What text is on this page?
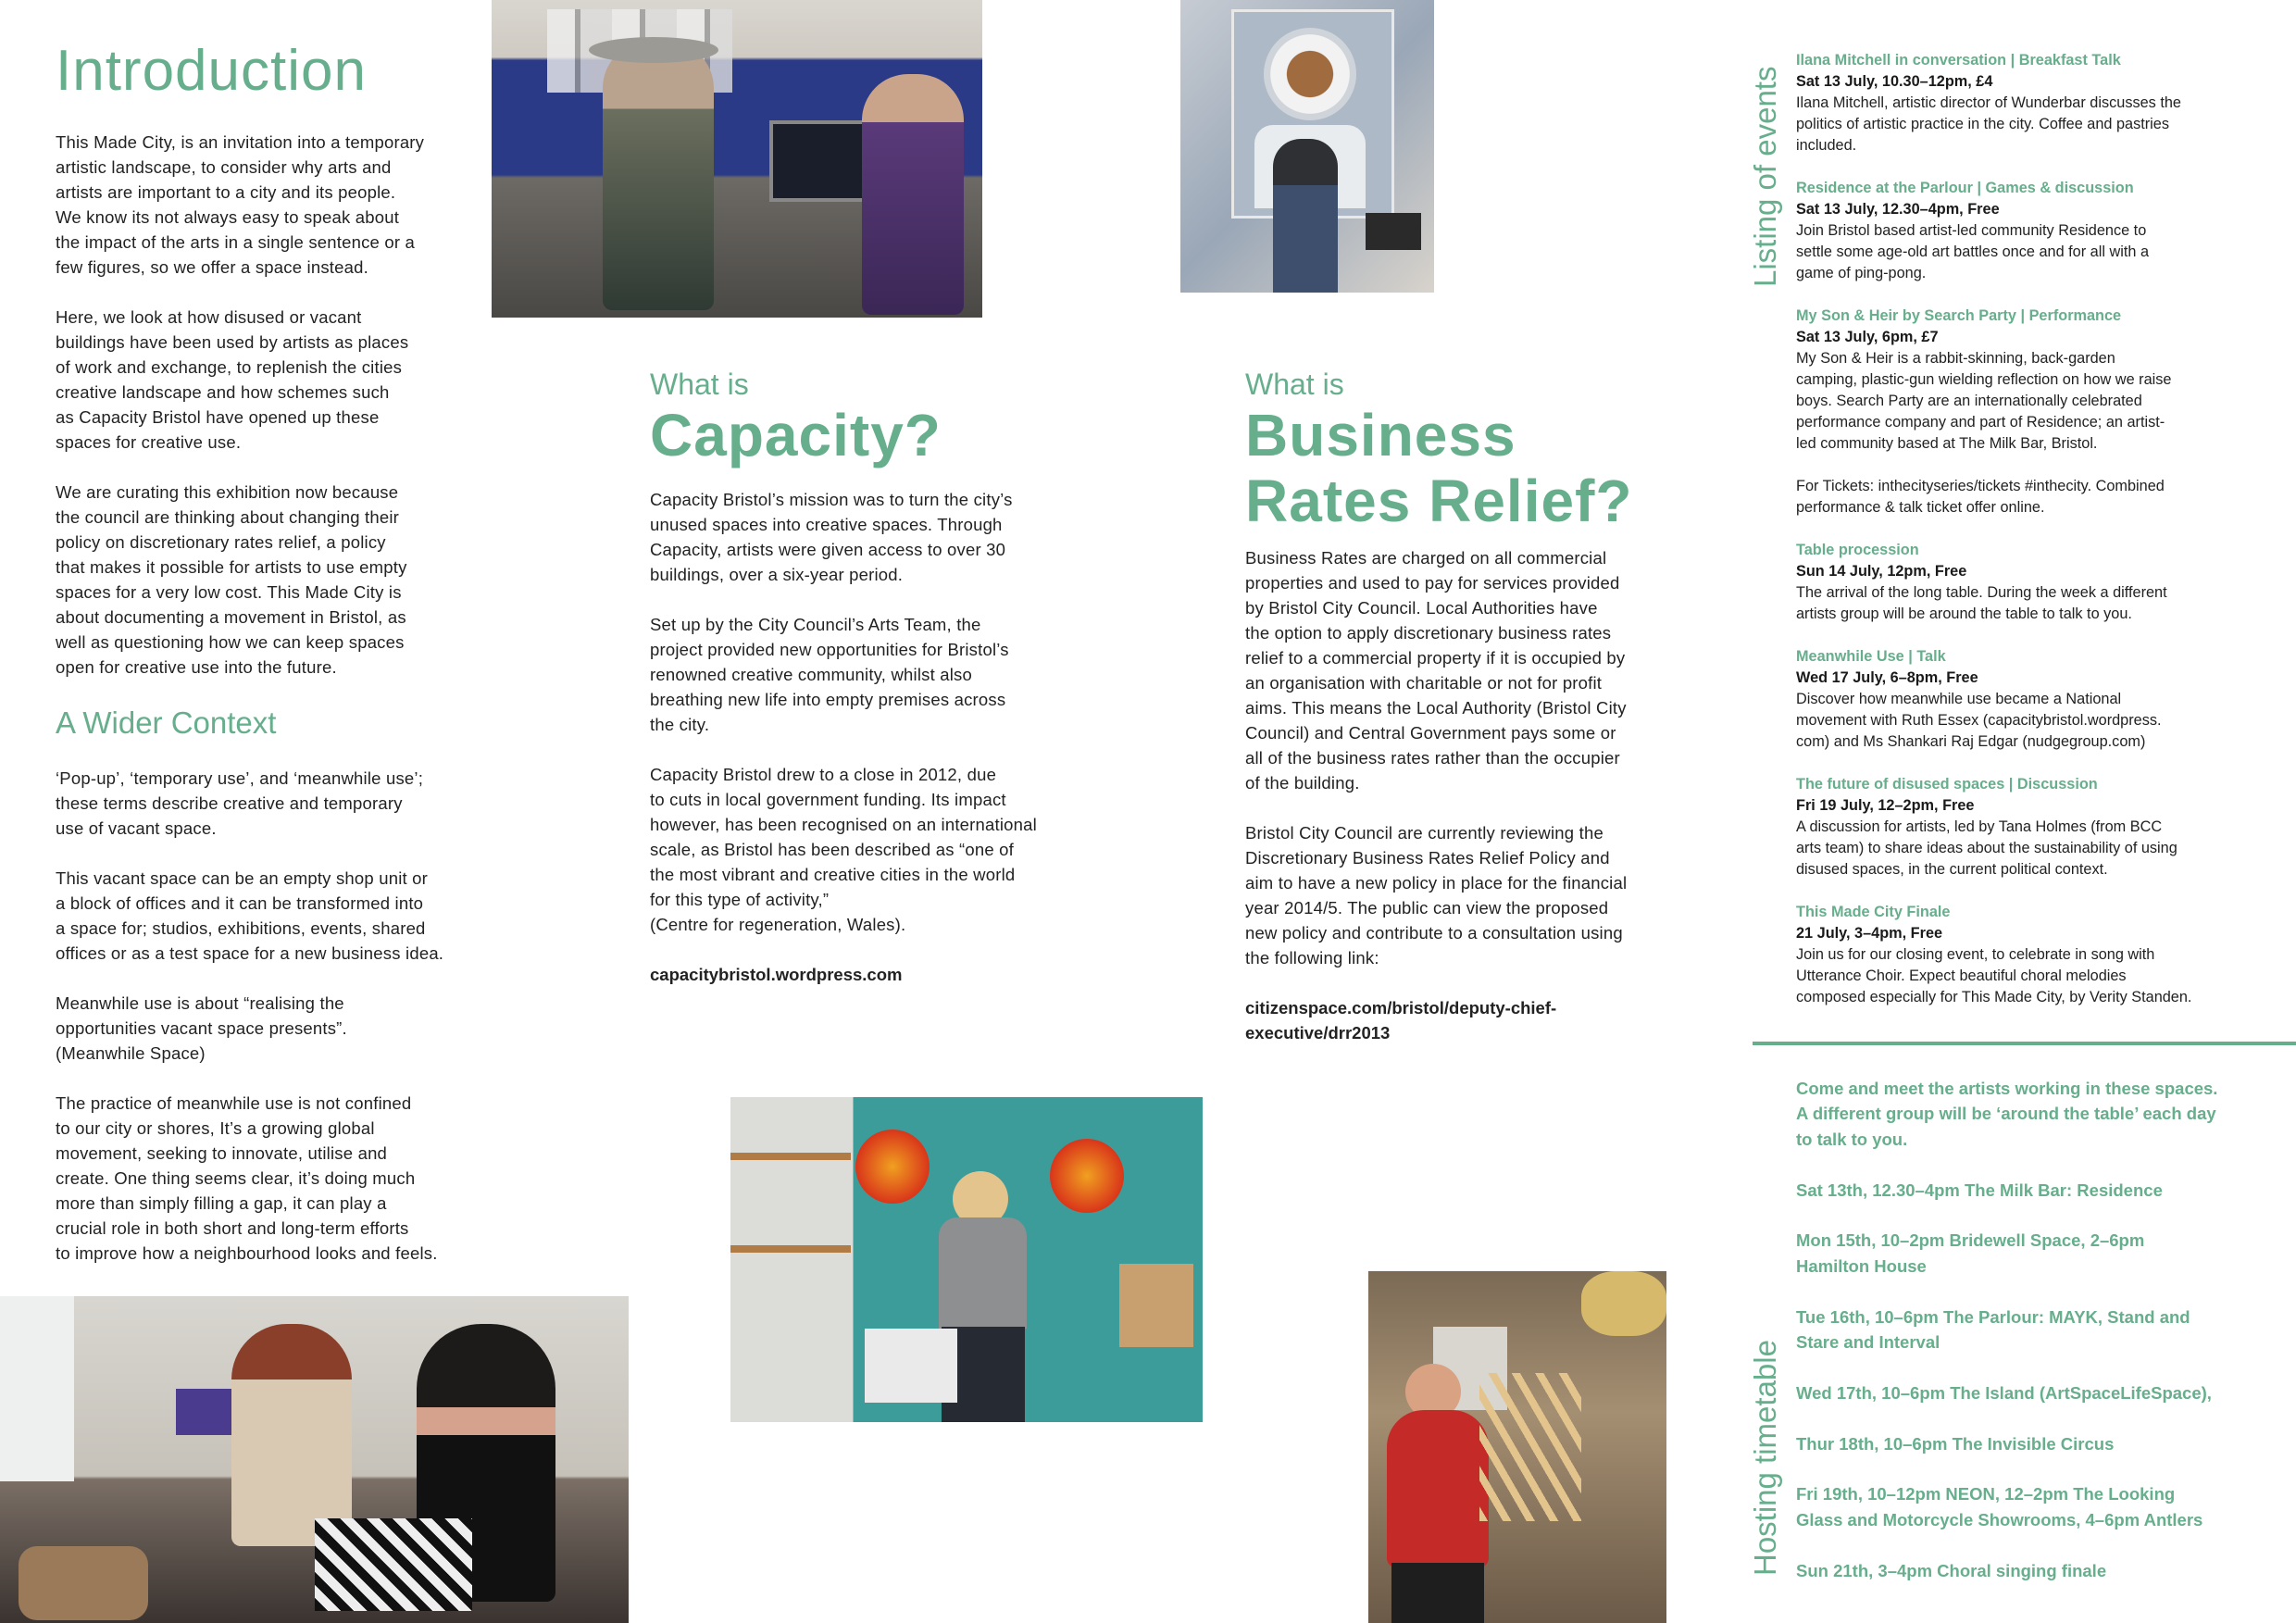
Introduction

This Made City, is an invitation into a temporary
artistic landscape, to consider why arts and
artists are important to a city and its people.
We know its not always easy to speak about
the impact of the arts in a single sentence or a
few figures, so we offer a space instead.

Here, we look at how disused or vacant
buildings have been used by artists as places
of work and exchange, to replenish the cities
creative landscape and how schemes such
as Capacity Bristol have opened up these
spaces for creative use.

We are curating this exhibition now because
the council are thinking about changing their
policy on discretionary rates relief, a policy
that makes it possible for artists to use empty
spaces for a very low cost. This Made City is
about documenting a movement in Bristol, as
well as questioning how we can keep spaces
open for creative use into the future.

A Wider Context

‘Pop-up’, ‘temporary use’, and ‘meanwhile use’;
these terms describe creative and temporary
use of vacant space.

This vacant space can be an empty shop unit or
a block of offices and it can be transformed into
a space for; studios, exhibitions, events, shared
offices or as a test space for a new business idea.

Meanwhile use is about “realising the
opportunities vacant space presents”.
(Meanwhile Space)

The practice of meanwhile use is not confined
to our city or shores, It’s a growing global
movement, seeking to innovate, utilise and
create. One thing seems clear, it’s doing much
more than simply filling a gap, it can play a
crucial role in both short and long-term efforts
to improve how a neighbourhood looks and feels.

What is

Capacity?

Capacity Bristol’s mission was to turn the city’s
unused spaces into creative spaces. Through
Capacity, artists were given access to over 30
buildings, over a six-year period.

Set up by the City Council’s Arts Team, the
project provided new opportunities for Bristol’s
renowned creative community, whilst also
breathing new life into empty premises across
the city.

Capacity Bristol drew to a close in 2012, due
to cuts in local government funding. Its impact
however, has been recognised on an international
scale, as Bristol has been described as “one of
the most vibrant and creative cities in the world
for this type of activity,”
(Centre for regeneration, Wales).

capacitybristol.wordpress.com

What is

Business
Rates Relief?

Business Rates are charged on all commercial
properties and used to pay for services provided
by Bristol City Council. Local Authorities have
the option to apply discretionary business rates
relief to a commercial property if it is occupied by
an organisation with charitable or not for profit
aims. This means the Local Authority (Bristol City
Council) and Central Government pays some or
all of the business rates rather than the occupier
of the building.

Bristol City Council are currently reviewing the
Discretionary Business Rates Relief Policy and
aim to have a new policy in place for the financial
year 2014/5. The public can view the proposed
new policy and contribute to a consultation using
the following link:

citizenspace.com/bristol/deputy-chief-
executive/drr2013

Listing of events
Ilana Mitchell in conversation | Breakfast Talk
Sat 13 July, 10.30–12pm, £4
Ilana Mitchell, artistic director of Wunderbar discusses the
politics of artistic practice in the city. Coffee and pastries
included.
Residence at the Parlour | Games & discussion
Sat 13 July, 12.30–4pm, Free
Join Bristol based artist-led community Residence to
settle some age-old art battles once and for all with a
game of ping-pong.
My Son & Heir by Search Party | Performance
Sat 13 July, 6pm, £7
My Son & Heir is a rabbit-skinning, back-garden
camping, plastic-gun wielding reflection on how we raise
boys. Search Party are an internationally celebrated
performance company and part of Residence; an artist-
led community based at The Milk Bar, Bristol.
For Tickets: inthecityseries/tickets #inthecity. Combined
performance & talk ticket offer online.
Table procession
Sun 14 July, 12pm, Free
The arrival of the long table. During the week a different
artists group will be around the table to talk to you.
Meanwhile Use | Talk
Wed 17 July, 6–8pm, Free
Discover how meanwhile use became a National
movement with Ruth Essex (capacitybristol.wordpress.
com) and Ms Shankari Raj Edgar (nudgegroup.com)
The future of disused spaces | Discussion
Fri 19 July, 12–2pm, Free
A discussion for artists, led by Tana Holmes (from BCC
arts team) to share ideas about the sustainability of using
disused spaces, in the current political context.
This Made City Finale
21 July, 3–4pm, Free
Join us for our closing event, to celebrate in song with
Utterance Choir. Expect beautiful choral melodies
composed especially for This Made City, by Verity Standen.
Hosting timetable

Come and meet the artists working in these spaces.
A different group will be ‘around the table’ each day
to talk to you.

Sat 13th, 12.30–4pm The Milk Bar: Residence

Mon 15th, 10–2pm Bridewell Space, 2–6pm
Hamilton House

Tue 16th, 10–6pm The Parlour: MAYK, Stand and
Stare and Interval

Wed 17th, 10–6pm The Island (ArtSpaceLifeSpace),

Thur 18th, 10–6pm The Invisible Circus

Fri 19th, 10–12pm NEON, 12–2pm The Looking
Glass and Motorcycle Showrooms, 4–6pm Antlers

Sun 21th, 3–4pm Choral singing finale
